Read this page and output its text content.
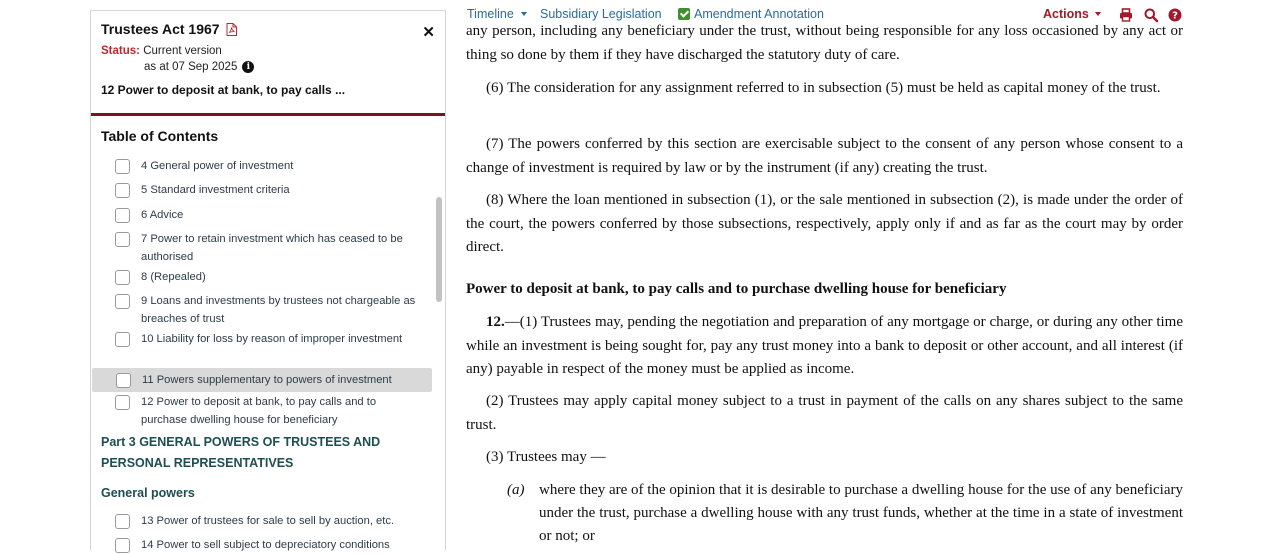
Trustees Act 1967	✕
Status: Current version
as at 07 Sep 2025	i
12 Power to deposit at bank, to pay calls ...
Table of Contents
4 General power of investment
5 Standard investment criteria
6 Advice
7 Power to retain investment which has ceased to be authorised
8 (Repealed)
9 Loans and investments by trustees not chargeable as breaches of trust
10 Liability for loss by reason of improper investment
11 Powers supplementary to powers of investment
12 Power to deposit at bank, to pay calls and to purchase dwelling house for beneficiary
Part 3 GENERAL POWERS OF TRUSTEES AND PERSONAL REPRESENTATIVES
General powers
13 Power of trustees for sale to sell by auction, etc.
14 Power to sell subject to depreciatory conditions
Timeline Subsidiary Legislation	Amendment Annotation	Actions	?
any person, including any beneficiary under the trust, without being responsible for any loss occasioned by any act or thing so done by them if they have discharged the statutory duty of care.
(6) The consideration for any assignment referred to in subsection (5) must be held as capital money of the trust.
(7) The powers conferred by this section are exercisable subject to the consent of any person whose consent to a change of investment is required by law or by the instrument (if any) creating the trust.
(8) Where the loan mentioned in subsection (1), or the sale mentioned in subsection (2), is made under the order of the court, the powers conferred by those subsections, respectively, apply only if and as far as the court may by order direct.
Power to deposit at bank, to pay calls and to purchase dwelling house for beneficiary
12.—(1) Trustees may, pending the negotiation and preparation of any mortgage or charge, or during any other time while an investment is being sought for, pay any trust money into a bank to deposit or other account, and all interest (if any) payable in respect of the money must be applied as income.
(2) Trustees may apply capital money subject to a trust in payment of the calls on any shares subject to the same trust.
(3) Trustees may —
(a) where they are of the opinion that it is desirable to purchase a dwelling house for the use of any beneficiary under the trust, purchase a dwelling house with any trust funds, whether at the time in a state of investment or not; or
